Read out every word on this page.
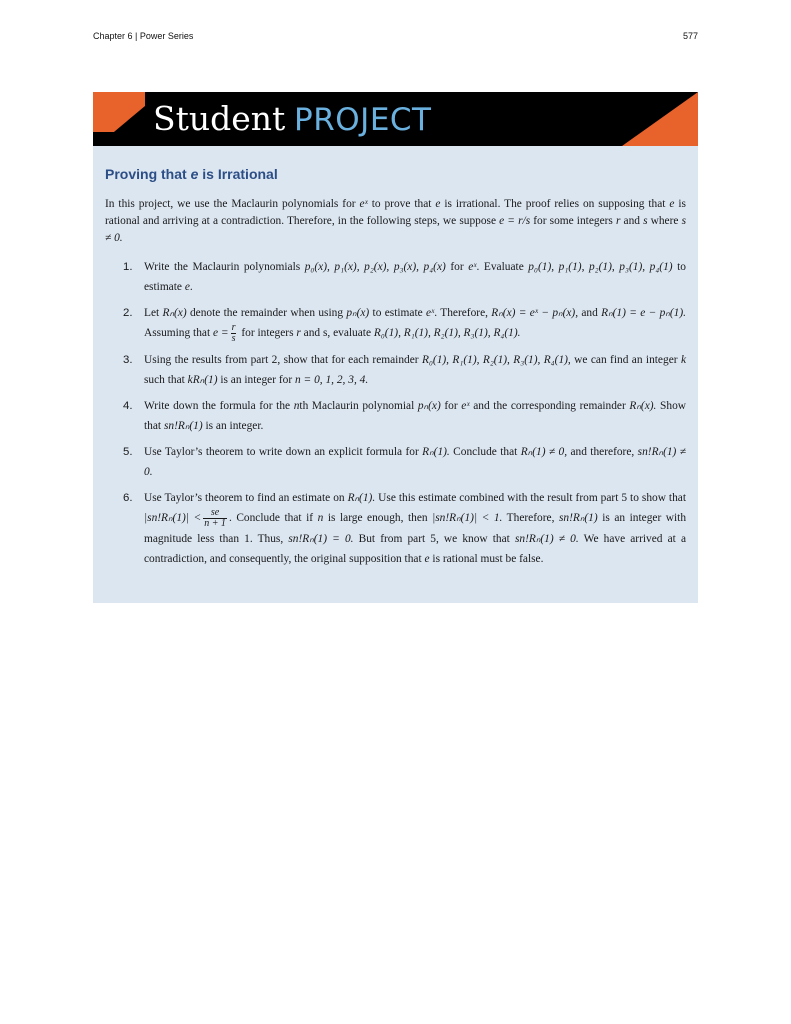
Chapter 6 | Power Series	577
Student PROJECT
Proving that e is Irrational

In this project, we use the Maclaurin polynomials for eˣ to prove that e is irrational. The proof relies on supposing that e is rational and arriving at a contradiction. Therefore, in the following steps, we suppose e = r/s for some integers r and s where s ≠ 0.

1. Write the Maclaurin polynomials p₀(x), p₁(x), p₂(x), p₃(x), p₄(x) for eˣ. Evaluate p₀(1), p₁(1), p₂(1), p₃(1), p₄(1) to estimate e.
2. Let Rₙ(x) denote the remainder when using pₙ(x) to estimate eˣ. Therefore, Rₙ(x) = eˣ − pₙ(x), and Rₙ(1) = e − pₙ(1). Assuming that $e = \frac{r}{s}$ for integers r and s, evaluate R₀(1), R₁(1), R₂(1), R₃(1), R₄(1).
3. Using the results from part 2, show that for each remainder R₀(1), R₁(1), R₂(1), R₃(1), R₄(1), we can find an integer k such that kRₙ(1) is an integer for n = 0, 1, 2, 3, 4.
4. Write down the formula for the nth Maclaurin polynomial pₙ(x) for eˣ and the corresponding remainder Rₙ(x). Show that sn!Rₙ(1) is an integer.
5. Use Taylor’s theorem to write down an explicit formula for Rₙ(1). Conclude that Rₙ(1) ≠ 0, and therefore, sn!Rₙ(1) ≠ 0.
6. Use Taylor’s theorem to find an estimate on Rₙ(1). Use this estimate combined with the result from part 5 to show that $|sn!R_n(1)| < \frac{se}{n + 1}$ . Conclude that if n is large enough, then |sn!Rₙ(1)| < 1. Therefore, sn!Rₙ(1) is an integer with magnitude less than 1. Thus, sn!Rₙ(1) = 0. But from part 5, we know that sn!Rₙ(1) ≠ 0. We have arrived at a contradiction, and consequently, the original supposition that e is rational must be false.
